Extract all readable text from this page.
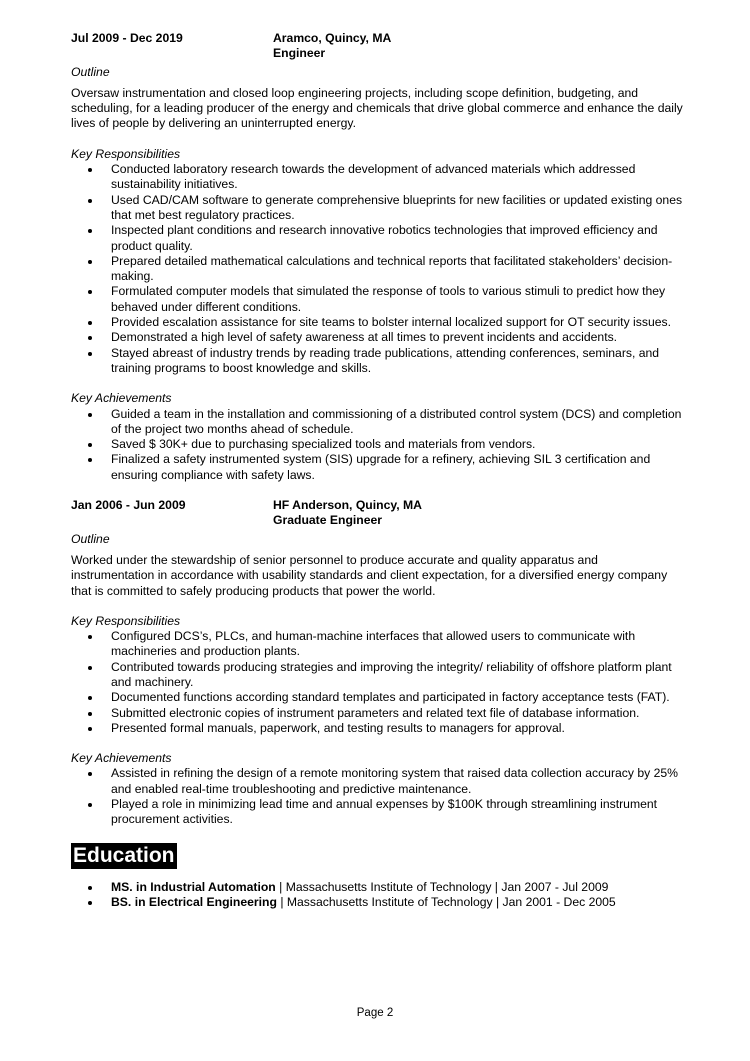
Jul 2009 - Dec 2019	Aramco, Quincy, MA
Engineer
Outline
Oversaw instrumentation and closed loop engineering projects, including scope definition, budgeting, and scheduling, for a leading producer of the energy and chemicals that drive global commerce and enhance the daily lives of people by delivering an uninterrupted energy.
Key Responsibilities
Conducted laboratory research towards the development of advanced materials which addressed sustainability initiatives.
Used CAD/CAM software to generate comprehensive blueprints for new facilities or updated existing ones that met best regulatory practices.
Inspected plant conditions and research innovative robotics technologies that improved efficiency and product quality.
Prepared detailed mathematical calculations and technical reports that facilitated stakeholders’ decision-making.
Formulated computer models that simulated the response of tools to various stimuli to predict how they behaved under different conditions.
Provided escalation assistance for site teams to bolster internal localized support for OT security issues.
Demonstrated a high level of safety awareness at all times to prevent incidents and accidents.
Stayed abreast of industry trends by reading trade publications, attending conferences, seminars, and training programs to boost knowledge and skills.
Key Achievements
Guided a team in the installation and commissioning of a distributed control system (DCS) and completion of the project two months ahead of schedule.
Saved $ 30K+ due to purchasing specialized tools and materials from vendors.
Finalized a safety instrumented system (SIS) upgrade for a refinery, achieving SIL 3 certification and ensuring compliance with safety laws.
Jan 2006 - Jun 2009	HF Anderson, Quincy, MA
Graduate Engineer
Outline
Worked under the stewardship of senior personnel to produce accurate and quality apparatus and instrumentation in accordance with usability standards and client expectation, for a diversified energy company that is committed to safely producing products that power the world.
Key Responsibilities
Configured DCS’s, PLCs, and human-machine interfaces that allowed users to communicate with machineries and production plants.
Contributed towards producing strategies and improving the integrity/ reliability of offshore platform plant and machinery.
Documented functions according standard templates and participated in factory acceptance tests (FAT).
Submitted electronic copies of instrument parameters and related text file of database information.
Presented formal manuals, paperwork, and testing results to managers for approval.
Key Achievements
Assisted in refining the design of a remote monitoring system that raised data collection accuracy by 25% and enabled real-time troubleshooting and predictive maintenance.
Played a role in minimizing lead time and annual expenses by $100K through streamlining instrument procurement activities.
Education
MS. in Industrial Automation | Massachusetts Institute of Technology | Jan 2007 - Jul 2009
BS. in Electrical Engineering | Massachusetts Institute of Technology | Jan 2001 - Dec 2005
Page 2
